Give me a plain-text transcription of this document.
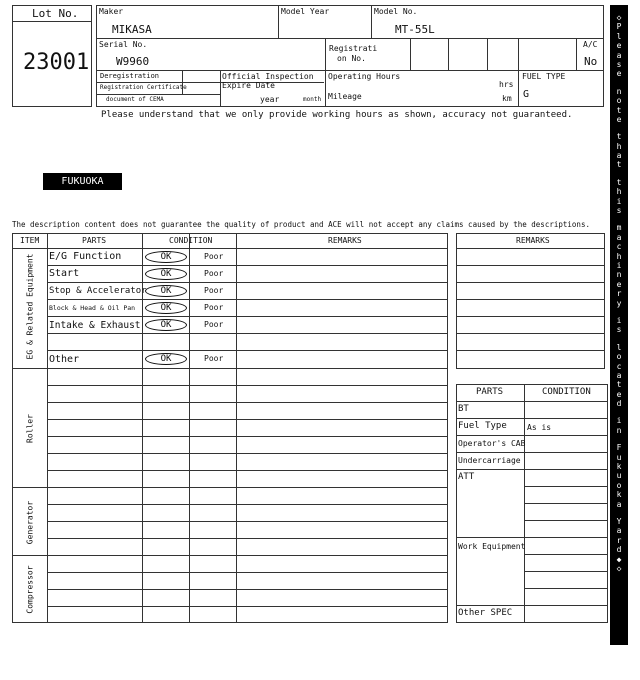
Lot No.
23001
Maker
MIKASA
Model Year	Model No.
MT-55L
Serial No.
W9960
Registrati
on No.
A/C
No
Deregistration
Registration Certificate
document of CEMA
Official Inspection
Expire Date
year	month
Operating Hours
hrs
Mileage	km
FUEL TYPE
G
Please understand that we only provide working hours as shown, accuracy not guaranteed.
FUKUOKA
The description content does not guarantee the quality of product and ACE will not accept any claims caused by the descriptions.
ITEM	PARTS	CONDITION	REMARKS
EG & Related Equipment
Roller
Generator
Compressor
E/G Function	OK	Poor
Start	OK	Poor
Stop & Accelerator	OK	Poor
Block & Head & Oil Pan	OK	Poor
Intake & Exhaust	OK	Poor
Other	OK	Poor
REMARKS
PARTS	CONDITION
BT
Fuel Type	As is
Operator's CAB
Undercarriage
ATT
Work Equipment
Other SPEC
◇
P
l
e
a
s
e

n
o
t
e

t
h
a
t

t
h
i
s

m
a
c
h
i
n
e
r
y

i
s

l
o
c
a
t
e
d

i
n

F
u
k
u
o
k
a

Y
a
r
d
◆
◇
